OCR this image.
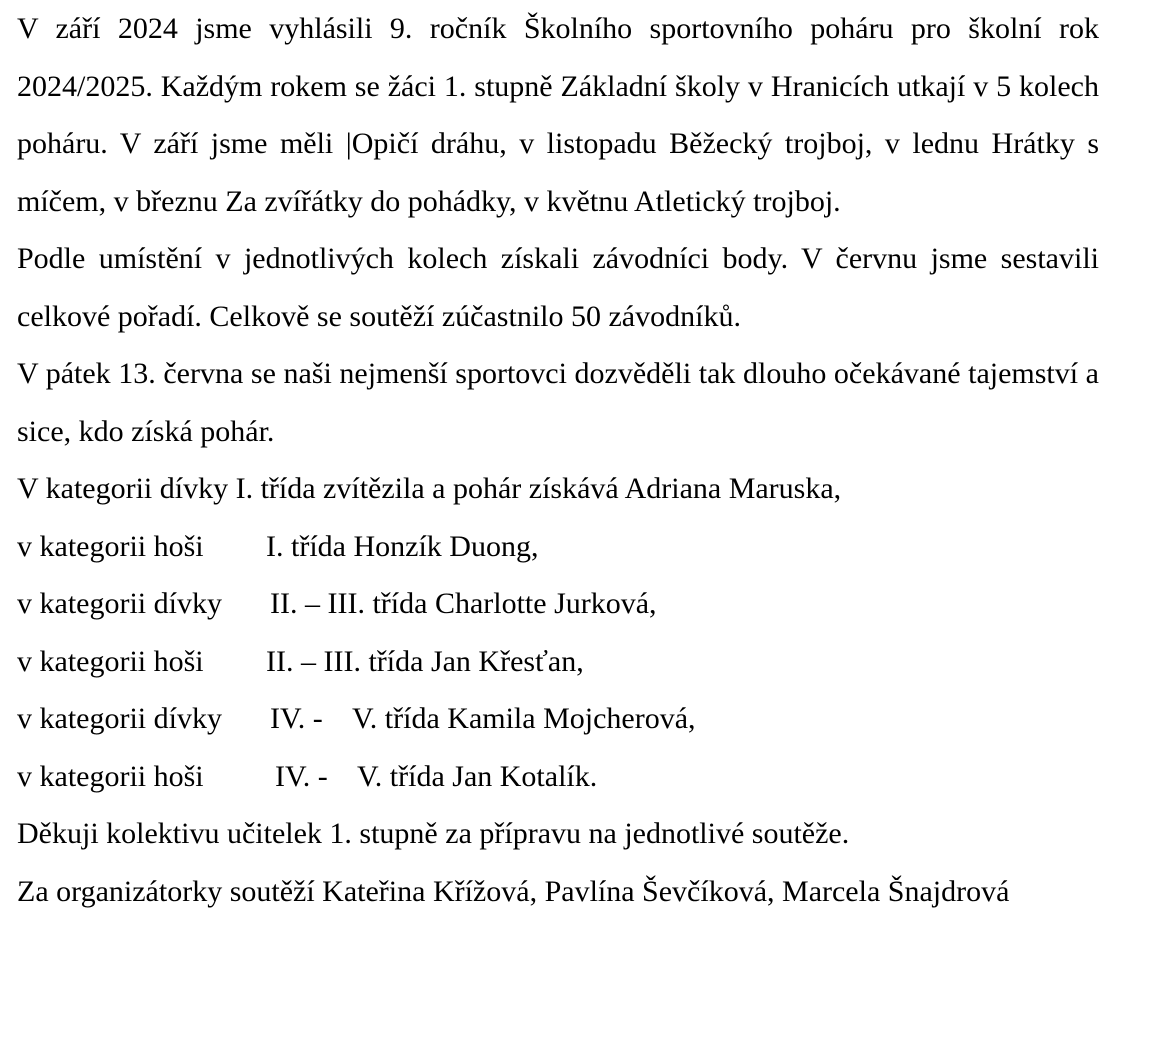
V září 2024 jsme vyhlásili 9. ročník Školního sportovního poháru pro školní rok 2024/2025. Každým rokem se žáci 1. stupně Základní školy v Hranicích utkají v 5 kolech poháru. V září jsme měli |Opičí dráhu, v listopadu Běžecký trojboj, v lednu Hrátky s míčem, v březnu Za zvířátky do pohádky, v květnu Atletický trojboj.

Podle umístění v jednotlivých kolech získali závodníci body. V červnu jsme sestavili celkové pořadí. Celkově se soutěží zúčastnilo 50 závodníků.

V pátek 13. června se naši nejmenší sportovci dozvěděli tak dlouho očekávané tajemství a sice, kdo získá pohár.

V kategorii dívky I. třída zvítězila a pohár získává Adriana Maruska,

v kategorii hoši I. třída Honzík Duong,

v kategorii dívky II. – III. třída Charlotte Jurková,

v kategorii hoši II. – III. třída Jan Křesťan,

v kategorii dívky IV. - V. třída Kamila Mojcherová,

v kategorii hoši IV. - V. třída Jan Kotalík.

Děkuji kolektivu učitelek 1. stupně za přípravu na jednotlivé soutěže.

Za organizátorky soutěží Kateřina Křížová, Pavlína Ševčíková, Marcela Šnajdrová
